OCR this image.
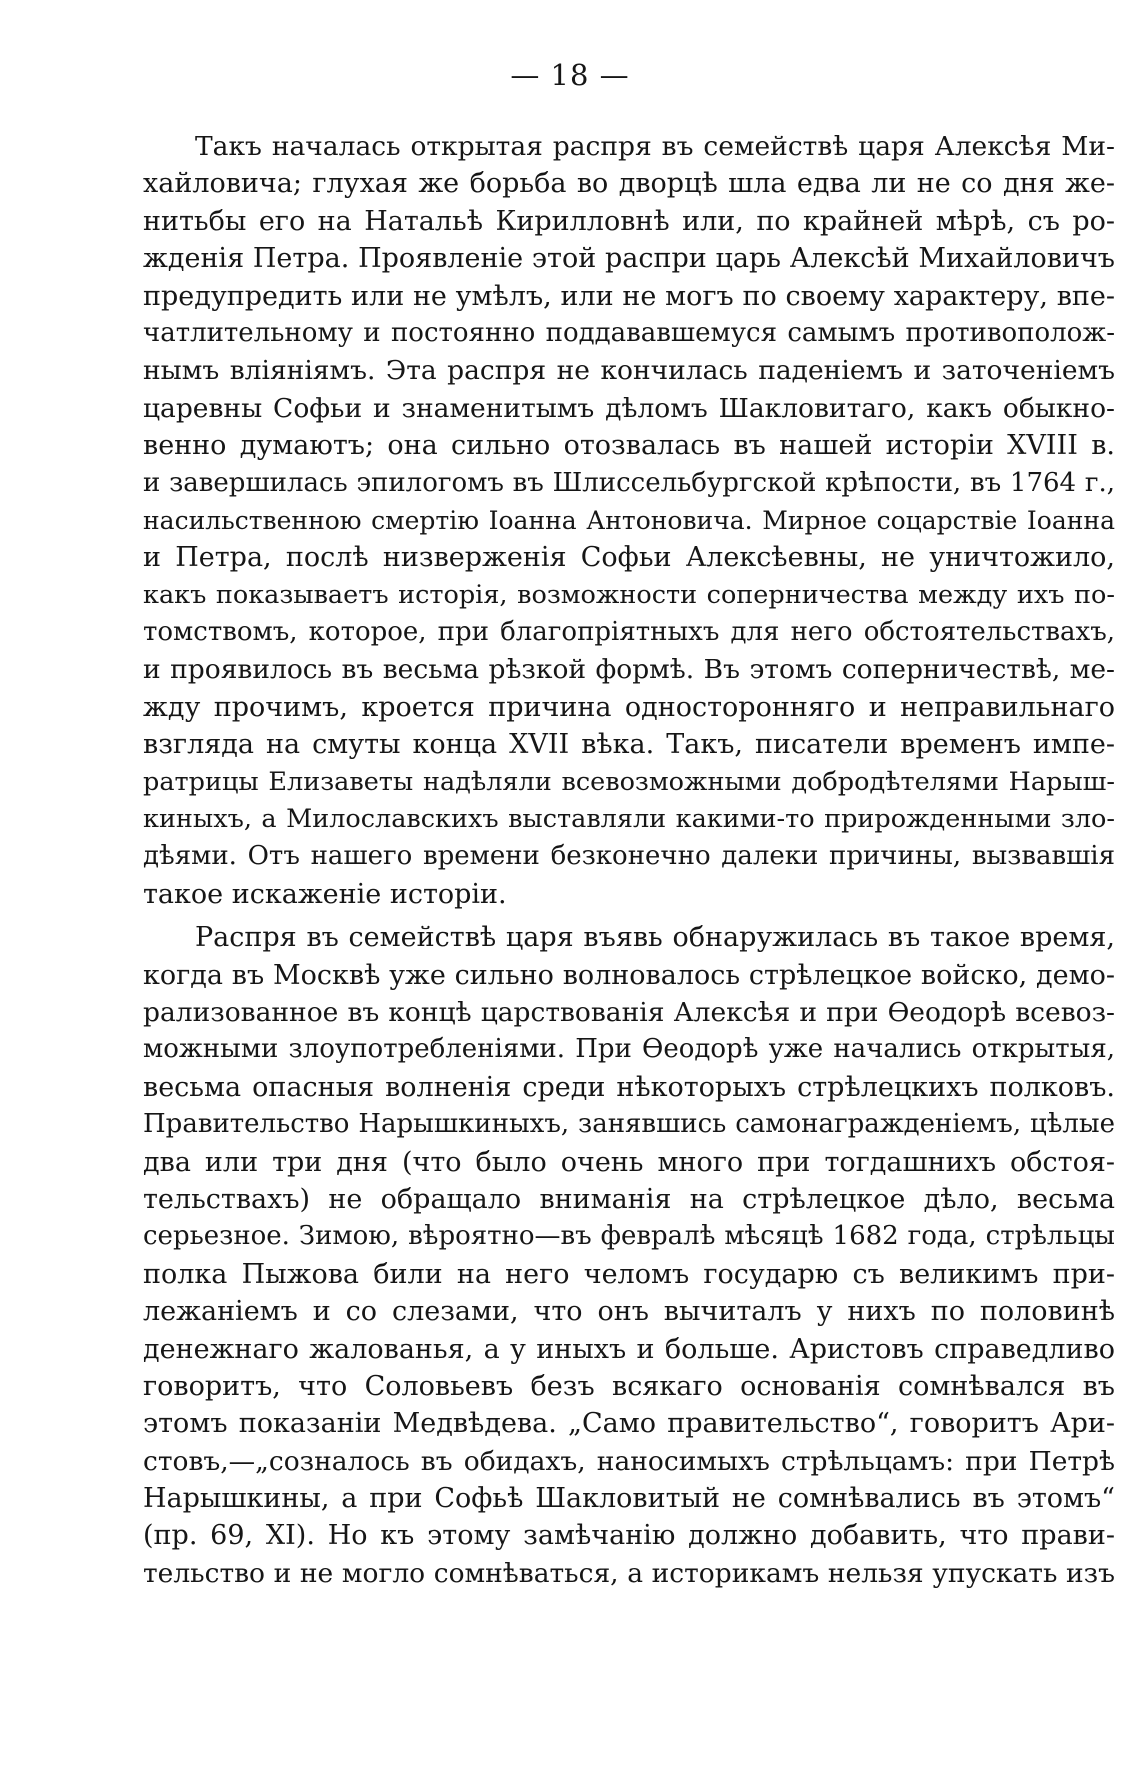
— 18 —
Такъ началась открытая распря въ семействѣ царя Алексѣя Ми-
хайловича; глухая же борьба во дворцѣ шла едва ли не со дня же-
нитьбы его на Натальѣ Кирилловнѣ или, по крайней мѣрѣ, съ ро-
жденія Петра. Проявленіе этой распри царь Алексѣй Михайловичъ
предупредить или не умѣлъ, или не могъ по своему характеру, впе-
чатлительному и постоянно поддававшемуся самымъ противополож-
нымъ вліяніямъ. Эта распря не кончилась паденіемъ и заточеніемъ
царевны Софьи и знаменитымъ дѣломъ Шакловитаго, какъ обыкно-
венно думаютъ; она сильно отозвалась въ нашей исторіи XVIII в.
и завершилась эпилогомъ въ Шлиссельбургской крѣпости, въ 1764 г.,
насильственною смертію Іоанна Антоновича. Мирное соцарствіе Іоанна
и Петра, послѣ низверженія Софьи Алексѣевны, не уничтожило,
какъ показываетъ исторія, возможности соперничества между ихъ по-
томствомъ, которое, при благопріятныхъ для него обстоятельствахъ,
и проявилось въ весьма рѣзкой формѣ. Въ этомъ соперничествѣ, ме-
жду прочимъ, кроется причина односторонняго и неправильнаго
взгляда на смуты конца XVII вѣка. Такъ, писатели временъ импе-
ратрицы Елизаветы надѣляли всевозможными добродѣтелями Нарыш-
киныхъ, а Милославскихъ выставляли какими-то прирожденными зло-
дѣями. Отъ нашего времени безконечно далеки причины, вызвавшія
такое искаженіе исторіи.
Распря въ семействѣ царя въявь обнаружилась въ такое время,
когда въ Москвѣ уже сильно волновалось стрѣлецкое войско, демо-
рализованное въ концѣ царствованія Алексѣя и при Өеодорѣ всевоз-
можными злоупотребленіями. При Өеодорѣ уже начались открытыя,
весьма опасныя волненія среди нѣкоторыхъ стрѣлецкихъ полковъ.
Правительство Нарышкиныхъ, занявшись самонагражденіемъ, цѣлые
два или три дня (что было очень много при тогдашнихъ обстоя-
тельствахъ) не обращало вниманія на стрѣлецкое дѣло, весьма
серьезное. Зимою, вѣроятно—въ февралѣ мѣсяцѣ 1682 года, стрѣльцы
полка Пыжова били на него челомъ государю съ великимъ при-
лежаніемъ и со слезами, что онъ вычиталъ у нихъ по половинѣ
денежнаго жалованья, а у иныхъ и больше. Аристовъ справедливо
говоритъ, что Соловьевъ безъ всякаго основанія сомнѣвался въ
этомъ показаніи Медвѣдева. „Само правительство“, говоритъ Ари-
стовъ,—„сознaлось въ обидахъ, наносимыхъ стрѣльцамъ: при Петрѣ
Нарышкины, а при Софьѣ Шакловитый не сомнѣвались въ этомъ“
(пр. 69, XI). Но къ этому замѣчанію должно добавить, что прави-
тельство и не могло сомнѣваться, а историкамъ нельзя упускать изъ
